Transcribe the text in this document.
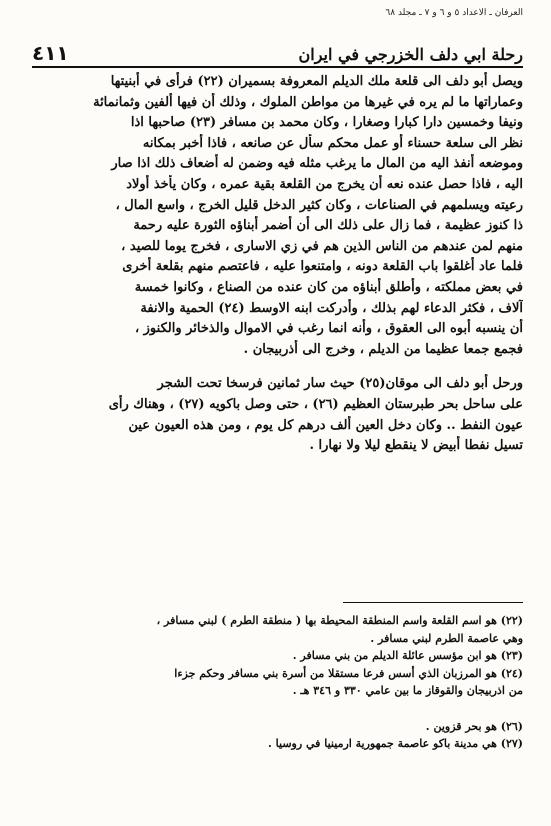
العرفان ـ الاعداد ٥ و ٦ و ٧ ـ مجلد ٦٨
٤١١	رحلة ابي دلف الخزرجي في ايران
ويصل أبو دلف الى قلعة ملك الديلم المعروفة بسميران (٢٢) فرأى في أبنيتها
وعماراتها ما لم يره في غيرها من مواطن الملوك ، وذلك أن فيها ألفين وثمانمائة
ونيفا وخمسين دارا كبارا وصغارا ، وكان محمد بن مسافر (٢٣) صاحبها اذا
نظر الى سلعة حسناء أو عمل محكم سأل عن صانعه ، فاذا أخبر بمكانه
وموضعه أنفذ اليه من المال ما يرغب مثله فيه وضمن له أضعاف ذلك اذا صار
اليه ، فاذا حصل عنده نعه أن يخرج من القلعة بقية عمره ، وكان يأخذ أولاد
رعيته ويسلمهم في الصناعات ، وكان كثير الدخل قليل الخرج ، واسع المال ،
ذا كنوز عظيمة ، فما زال على ذلك الى أن أضمر أبناؤه الثورة عليه رحمة
منهم لمن عندهم من الناس الذين هم في زي الاسارى ، فخرج يوما للصيد ،
فلما عاد أغلقوا باب القلعة دونه ، وامتنعوا عليه ، فاعتصم منهم بقلعة أخرى
في بعض مملكته ، وأطلق أبناؤه من كان عنده من الصناع ، وكانوا خمسة
آلاف ، فكثر الدعاء لهم بذلك ، وأدركت ابنه الاوسط (٢٤) الحمية والانفة
أن ينسبه أبوه الى العقوق ، وأنه انما رغب في الاموال والذخائر والكنوز ،
فجمع جمعا عظيما من الديلم ، وخرج الى أذربيجان .
ورحل أبو دلف الى موقان(٢٥) حيث سار ثمانين فرسخا تحت الشجر
على ساحل بحر طبرستان العظيم (٢٦) ، حتى وصل باكويه (٢٧) ، وهناك رأى
عيون النفط .. وكان دخل العين ألف درهم كل يوم ، ومن هذه العيون عين
تسيل نفطا أبيض لا ينقطع ليلا ولا نهارا .
(٢٢) هو اسم القلعة واسم المنطقة المحيطة بها ( منطقة الطرم ) لبني مسافر ،
وهي عاصمة الطرم لبني مسافر .
(٢٣) هو ابن مؤسس عائلة الديلم من بني مسافر .
(٢٤) هو المرزبان الذي أسس فرعا مستقلا من أسرة بني مسافر وحكم جزءا
من اذربيجان والقوقاز ما بين عامي ٣٣٠ و ٣٤٦ هـ .
(٢٦) هو بحر قزوين .
(٢٧) هي مدينة باكو عاصمة جمهورية ارمينيا في روسيا .
